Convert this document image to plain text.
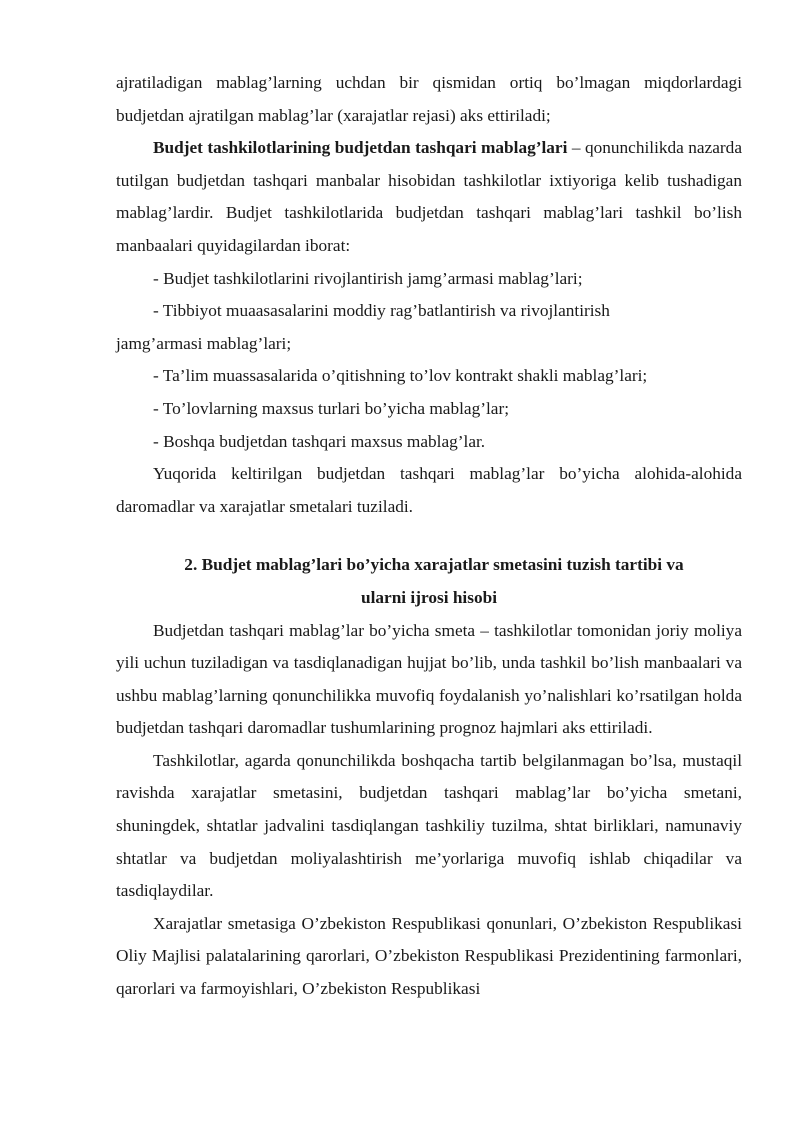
ajratiladigan mablag’larning uchdan bir qismidan ortiq bo’lmagan miqdorlardagi budjetdan ajratilgan mablag’lar (xarajatlar rejasi) aks ettiriladi;

Budjet tashkilotlarining budjetdan tashqari mablag’lari – qonunchilikda nazarda tutilgan budjetdan tashqari manbalar hisobidan tashkilotlar ixtiyoriga kelib tushadigan mablag’lardir. Budjet tashkilotlarida budjetdan tashqari mablag’lari tashkil bo’lish manbaalari quyidagilardan iborat:

- Budjet tashkilotlarini rivojlantirish jamg’armasi mablag’lari;

- Tibbiyot muaasasalarini moddiy rag’batlantirish va rivojlantirish

jamg’armasi mablag’lari;

- Ta’lim muassasalarida o’qitishning to’lov kontrakt shakli mablag’lari;

- To’lovlarning maxsus turlari bo’yicha mablag’lar;

- Boshqa budjetdan tashqari maxsus mablag’lar.

Yuqorida keltirilgan budjetdan tashqari mablag’lar bo’yicha alohida-alohida daromadlar va xarajatlar smetalari tuziladi.

2. Budjet mablag’lari bo’yicha xarajatlar smetasini tuzish tartibi va
ularni ijrosi hisobi

Budjetdan tashqari mablag’lar bo’yicha smeta – tashkilotlar tomonidan joriy moliya yili uchun tuziladigan va tasdiqlanadigan hujjat bo’lib, unda tashkil bo’lish manbaalari va ushbu mablag’larning qonunchilikka muvofiq foydalanish yo’nalishlari ko’rsatilgan holda budjetdan tashqari daromadlar tushumlarining prognoz hajmlari aks ettiriladi.

Tashkilotlar, agarda qonunchilikda boshqacha tartib belgilanmagan bo’lsa, mustaqil ravishda xarajatlar smetasini, budjetdan tashqari mablag’lar bo’yicha smetani, shuningdek, shtatlar jadvalini tasdiqlangan tashkiliy tuzilma, shtat birliklari, namunaviy shtatlar va budjetdan moliyalashtirish me’yorlariga muvofiq ishlab chiqadilar va tasdiqlaydilar.

Xarajatlar smetasiga O’zbekiston Respublikasi qonunlari, O’zbekiston Respublikasi Oliy Majlisi palatalarining qarorlari, O’zbekiston Respublikasi Prezidentining farmonlari, qarorlari va farmoyishlari, O’zbekiston Respublikasi
